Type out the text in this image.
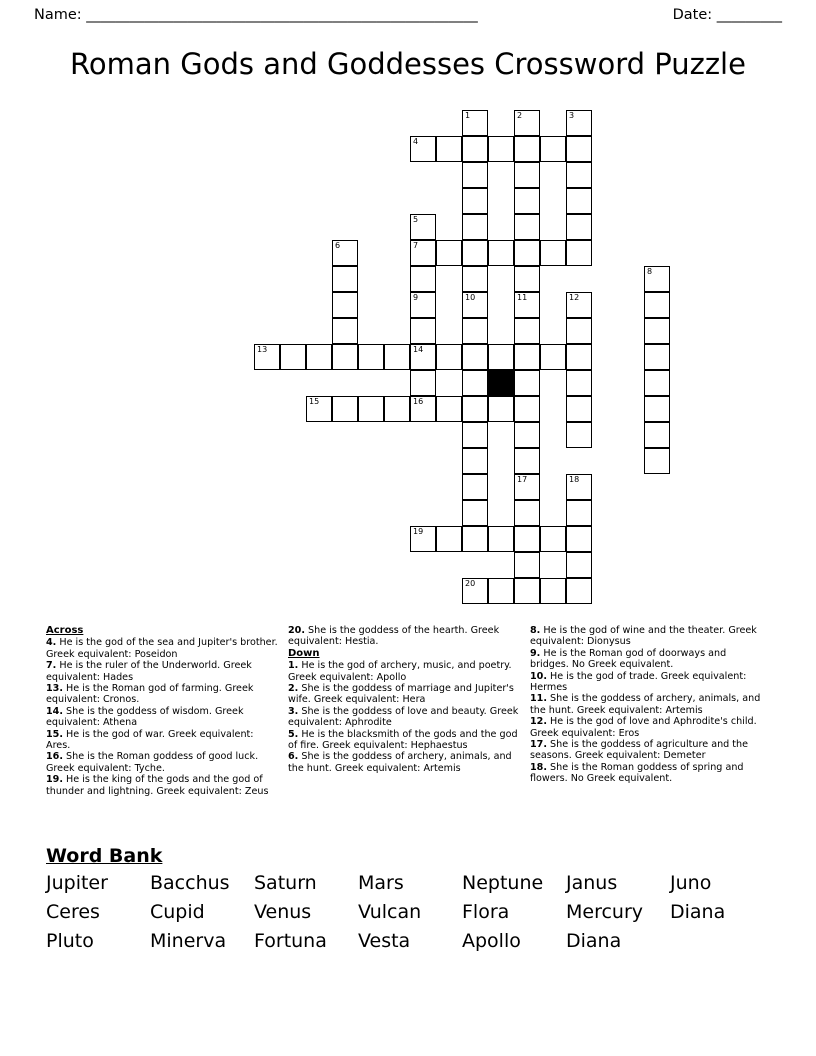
Name: ______________________________________________________	Date: _________
Roman Gods and Goddesses Crossword Puzzle
1	2	3
4
5
6	7
8
9	10	11	12
13	14
15	16
17	18
19
20
Across
4. He is the god of the sea and Jupiter's brother. Greek equivalent: Poseidon
7. He is the ruler of the Underworld. Greek equivalent: Hades
13. He is the Roman god of farming. Greek equivalent: Cronos.
14. She is the goddess of wisdom. Greek equivalent: Athena
15. He is the god of war. Greek equivalent: Ares.
16. She is the Roman goddess of good luck. Greek equivalent: Tyche.
19. He is the king of the gods and the god of thunder and lightning. Greek equivalent: Zeus
20. She is the goddess of the hearth. Greek equivalent: Hestia.
Down
1. He is the god of archery, music, and poetry. Greek equivalent: Apollo
2. She is the goddess of marriage and Jupiter's wife. Greek equivalent: Hera
3. She is the goddess of love and beauty. Greek equivalent: Aphrodite
5. He is the blacksmith of the gods and the god of fire. Greek equivalent: Hephaestus
6. She is the goddess of archery, animals, and the hunt. Greek equivalent: Artemis
8. He is the god of wine and the theater. Greek equivalent: Dionysus
9. He is the Roman god of doorways and bridges. No Greek equivalent.
10. He is the god of trade. Greek equivalent: Hermes
11. She is the goddess of archery, animals, and the hunt. Greek equivalent: Artemis
12. He is the god of love and Aphrodite's child. Greek equivalent: Eros
17. She is the goddess of agriculture and the seasons. Greek equivalent: Demeter
18. She is the Roman goddess of spring and flowers. No Greek equivalent.
Word Bank
Jupiter	Bacchus	Saturn	Mars	Neptune	Janus	Juno
Ceres	Cupid	Venus	Vulcan	Flora	Mercury	Diana
Pluto	Minerva	Fortuna	Vesta	Apollo	Diana
